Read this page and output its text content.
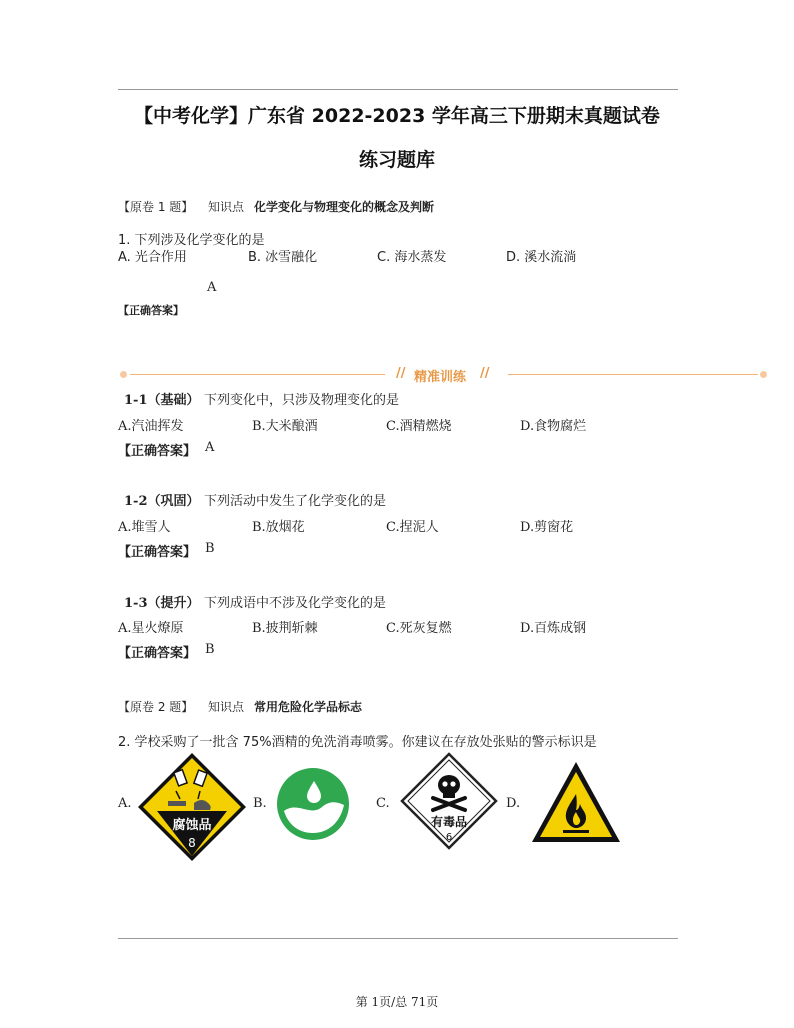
【中考化学】广东省 2022-2023 学年高三下册期末真题试卷
练习题库
【原卷 1 题】 知识点 化学变化与物理变化的概念及判断
1. 下列涉及化学变化的是
A. 光合作用	B. 冰雪融化	C. 海水蒸发	D. 溪水流淌
A
【正确答案】
// 精准训练 //
1-1（基础） 下列变化中，只涉及物理变化的是
A.汽油挥发	B.大米酿酒	C.酒精燃烧	D.食物腐烂
【正确答案】 A
1-2（巩固） 下列活动中发生了化学变化的是
A.堆雪人	B.放烟花	C.捏泥人	D.剪窗花
【正确答案】 B
1-3（提升） 下列成语中不涉及化学变化的是
A.星火燎原	B.披荆斩棘	C.死灰复燃	D.百炼成钢
【正确答案】 B
【原卷 2 题】 知识点 常用危险化学品标志
2. 学校采购了一批含 75%酒精的免洗消毒喷雾。你建议在存放处张贴的警示标识是
A.	B.	C.	D.
腐蚀品
8
有毒品
6
第 1页/总 71页
